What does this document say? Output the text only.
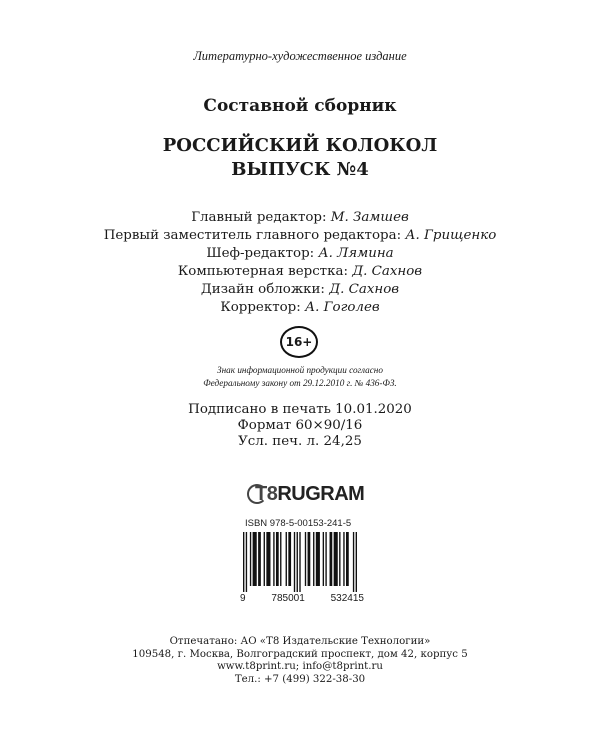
Литературно-художественное издание
Составной сборник
РОССИЙСКИЙ КОЛОКОЛ
ВЫПУСК №4
Главный редактор: М. Замшев
Первый заместитель главного редактора: А. Грищенко
Шеф-редактор: А. Лямина
Компьютерная верстка: Д. Сахнов
Дизайн обложки: Д. Сахнов
Корректор: А. Гоголев
16+
Знак информационной продукции согласно
Федеральному закону от 29.12.2010 г. № 436-ФЗ.
Подписано в печать 10.01.2020
Формат 60×90/16
Усл. печ. л. 24,25
T8RUGRAM
ISBN 978-5-00153-241-5
9	785001	532415
Отпечатано: АО «Т8 Издательские Технологии»
109548, г. Москва, Волгоградский проспект, дом 42, корпус 5
www.t8print.ru; info@t8print.ru
Тел.: +7 (499) 322-38-30
